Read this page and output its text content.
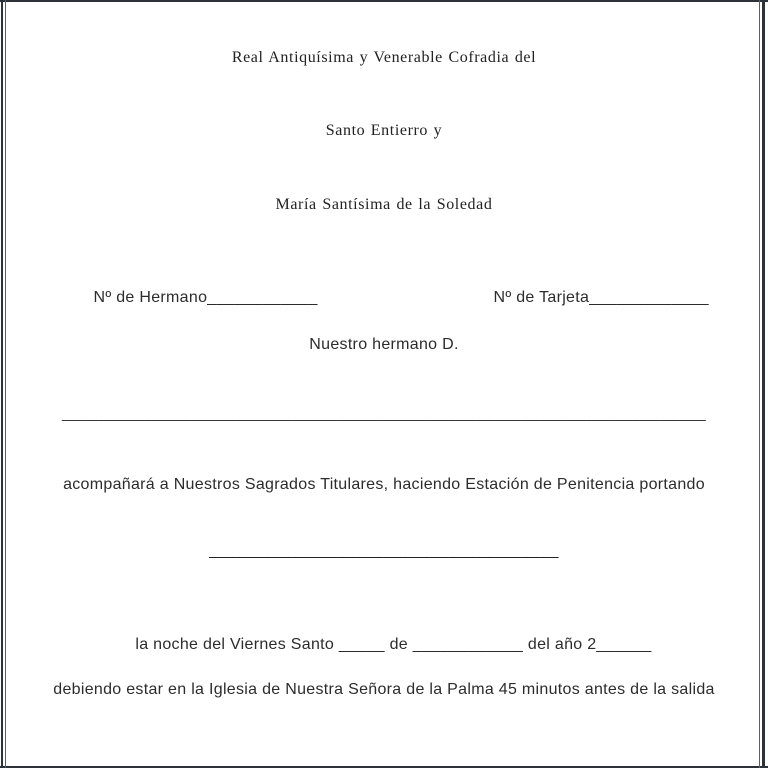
Real Antiquísima y Venerable Cofradia del
Santo Entierro y
María Santísima de la Soledad

Nº de Hermano____________

	Nº de Tarjeta_____________

Nuestro hermano D.
______________________________________________________________________
acompañará a Nuestros Sagrados Titulares, haciendo Estación de Penitencia portando
______________________________________

la noche del Viernes Santo _____ de ____________ del año 2______

debiendo estar en la Iglesia de Nuestra Señora de la Palma 45 minutos antes de la salida
